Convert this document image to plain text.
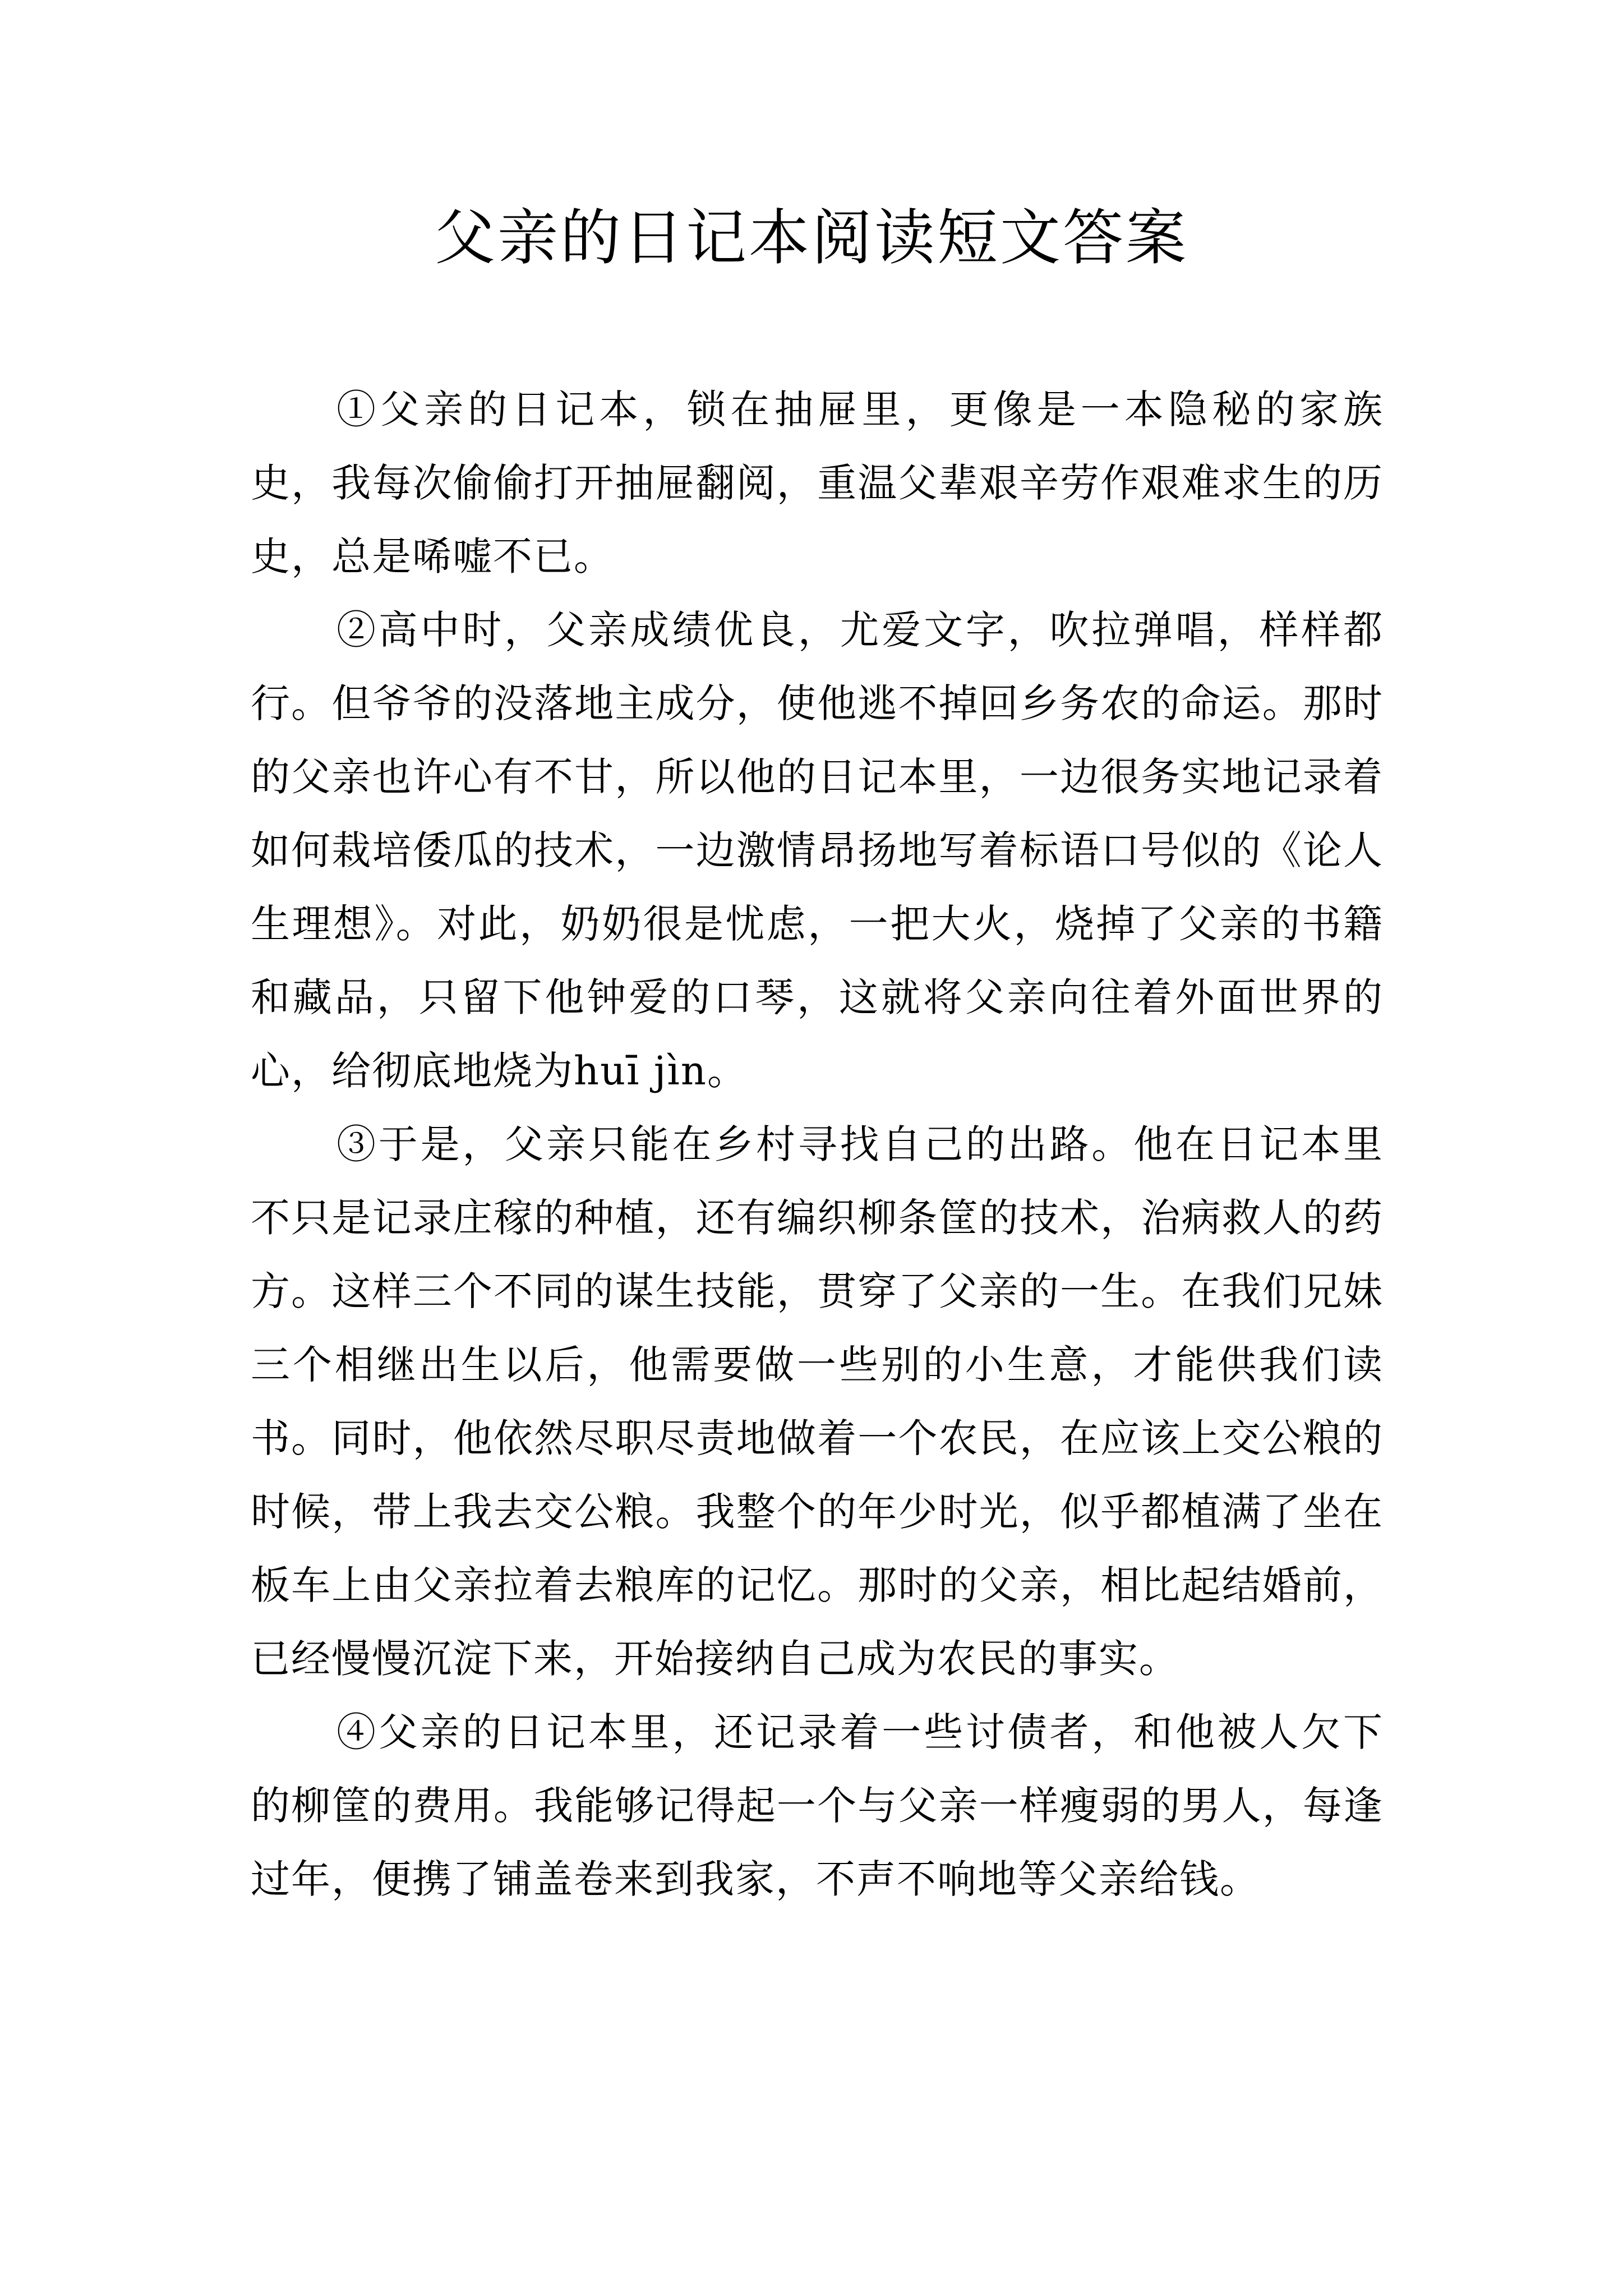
父亲的日记本阅读短文答案

①父亲的日记本，锁在抽屉里，更像是一本隐秘的家族史，我每次偷偷打开抽屉翻阅，重温父辈艰辛劳作艰难求生的历史，总是唏嘘不已。

②高中时，父亲成绩优良，尤爱文字，吹拉弹唱，样样都行。但爷爷的没落地主成分，使他逃不掉回乡务农的命运。那时的父亲也许心有不甘，所以他的日记本里，一边很务实地记录着如何栽培倭瓜的技术，一边激情昂扬地写着标语口号似的《论人生理想》。对此，奶奶很是忧虑，一把大火，烧掉了父亲的书籍和藏品，只留下他钟爱的口琴，这就将父亲向往着外面世界的心，给彻底地烧为huī jìn。

③于是，父亲只能在乡村寻找自己的出路。他在日记本里不只是记录庄稼的种植，还有编织柳条筐的技术，治病救人的药方。这样三个不同的谋生技能，贯穿了父亲的一生。在我们兄妹三个相继出生以后，他需要做一些别的小生意，才能供我们读书。同时，他依然尽职尽责地做着一个农民，在应该上交公粮的时候，带上我去交公粮。我整个的年少时光，似乎都植满了坐在板车上由父亲拉着去粮库的记忆。那时的父亲，相比起结婚前，已经慢慢沉淀下来，开始接纳自己成为农民的事实。

④父亲的日记本里，还记录着一些讨债者，和他被人欠下的柳筐的费用。我能够记得起一个与父亲一样瘦弱的男人，每逢过年，便携了铺盖卷来到我家，不声不响地等父亲给钱。
